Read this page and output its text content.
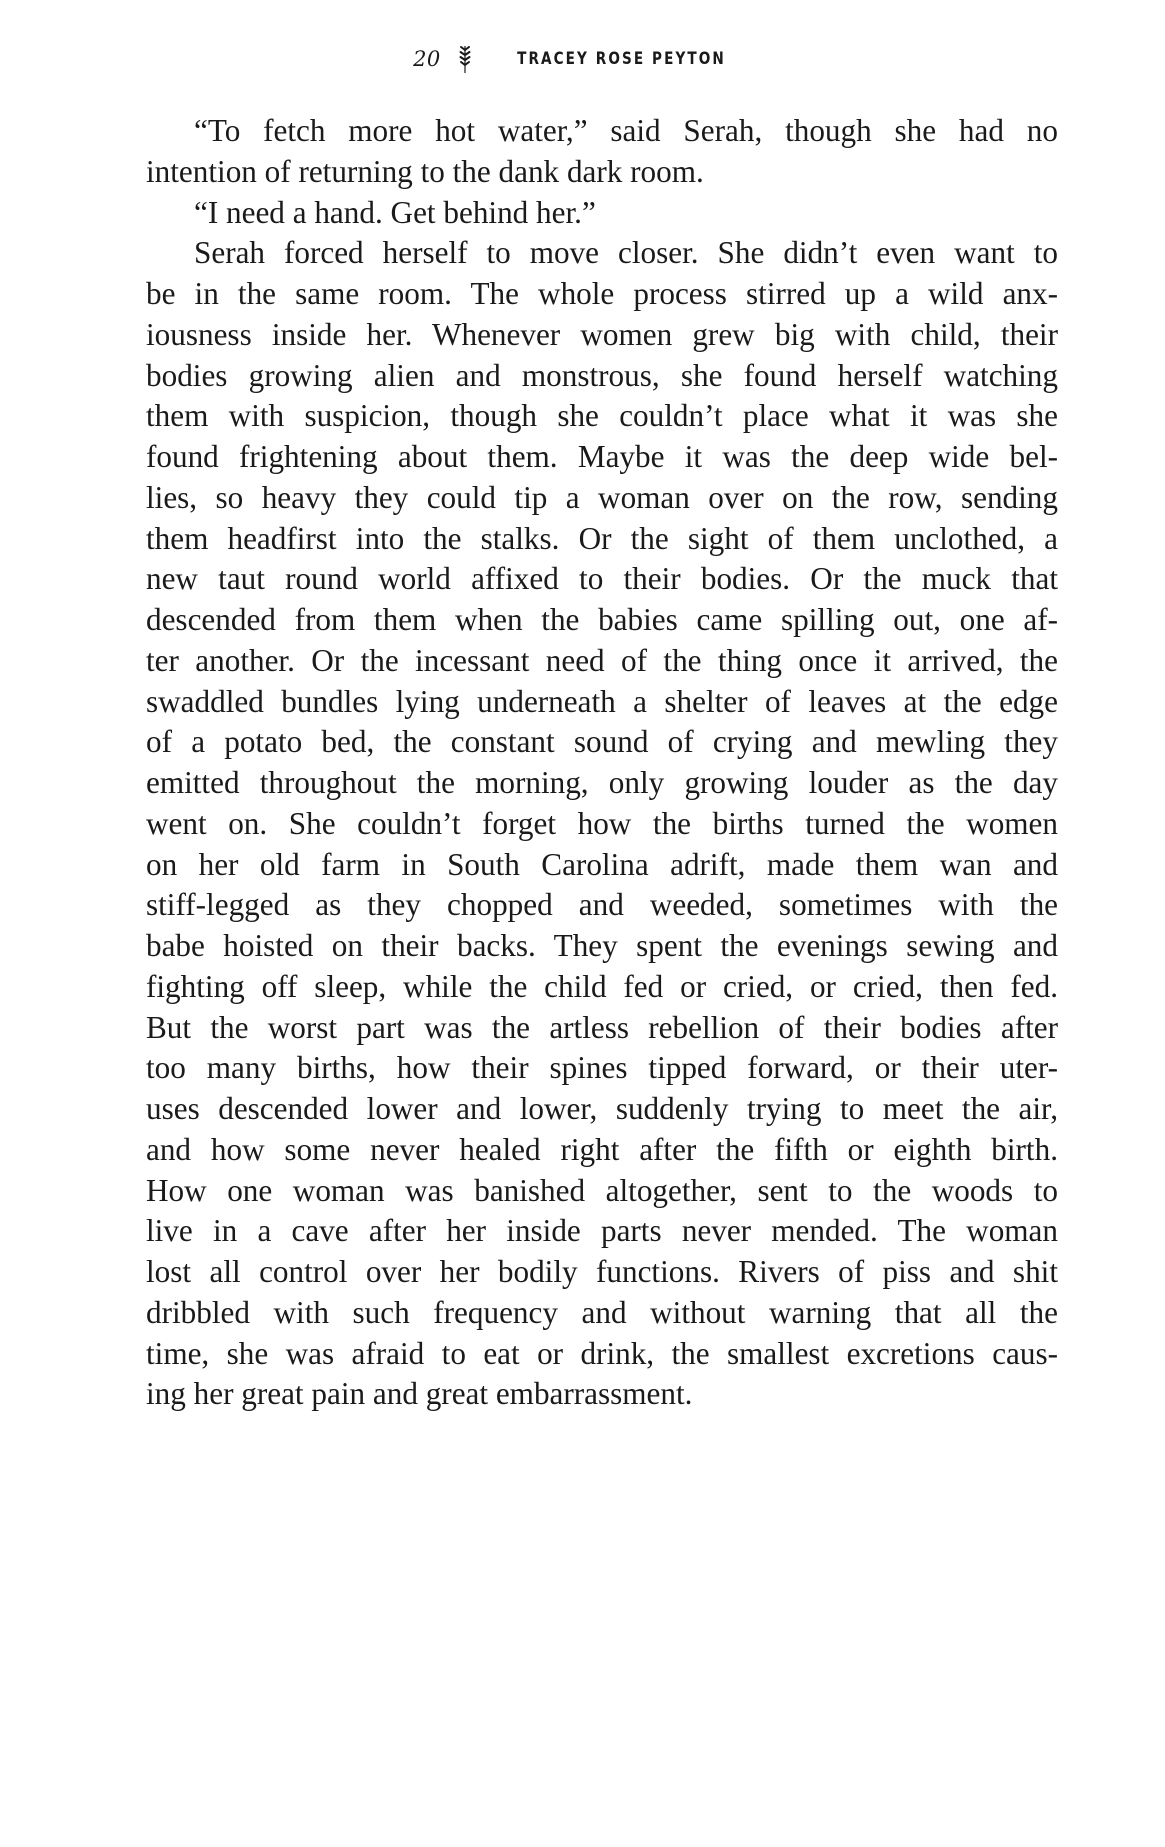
20	TRACEY ROSE PEYTON

“To fetch more hot water,” said Serah, though she had no
intention of returning to the dank dark room.

“I need a hand. Get behind her.”

Serah forced herself to move closer. She didn’t even want to
be in the same room. The whole process stirred up a wild anx-
iousness inside her. Whenever women grew big with child, their
bodies growing alien and monstrous, she found herself watching
them with suspicion, though she couldn’t place what it was she
found frightening about them. Maybe it was the deep wide bel-
lies, so heavy they could tip a woman over on the row, sending
them headfirst into the stalks. Or the sight of them unclothed, a
new taut round world affixed to their bodies. Or the muck that
descended from them when the babies came spilling out, one af-
ter another. Or the incessant need of the thing once it arrived, the
swaddled bundles lying underneath a shelter of leaves at the edge
of a potato bed, the constant sound of crying and mewling they
emitted throughout the morning, only growing louder as the day
went on. She couldn’t forget how the births turned the women
on her old farm in South Carolina adrift, made them wan and
stiff-legged as they chopped and weeded, sometimes with the
babe hoisted on their backs. They spent the evenings sewing and
fighting off sleep, while the child fed or cried, or cried, then fed.
But the worst part was the artless rebellion of their bodies after
too many births, how their spines tipped forward, or their uter-
uses descended lower and lower, suddenly trying to meet the air,
and how some never healed right after the fifth or eighth birth.
How one woman was banished altogether, sent to the woods to
live in a cave after her inside parts never mended. The woman
lost all control over her bodily functions. Rivers of piss and shit
dribbled with such frequency and without warning that all the
time, she was afraid to eat or drink, the smallest excretions caus-
ing her great pain and great embarrassment.
